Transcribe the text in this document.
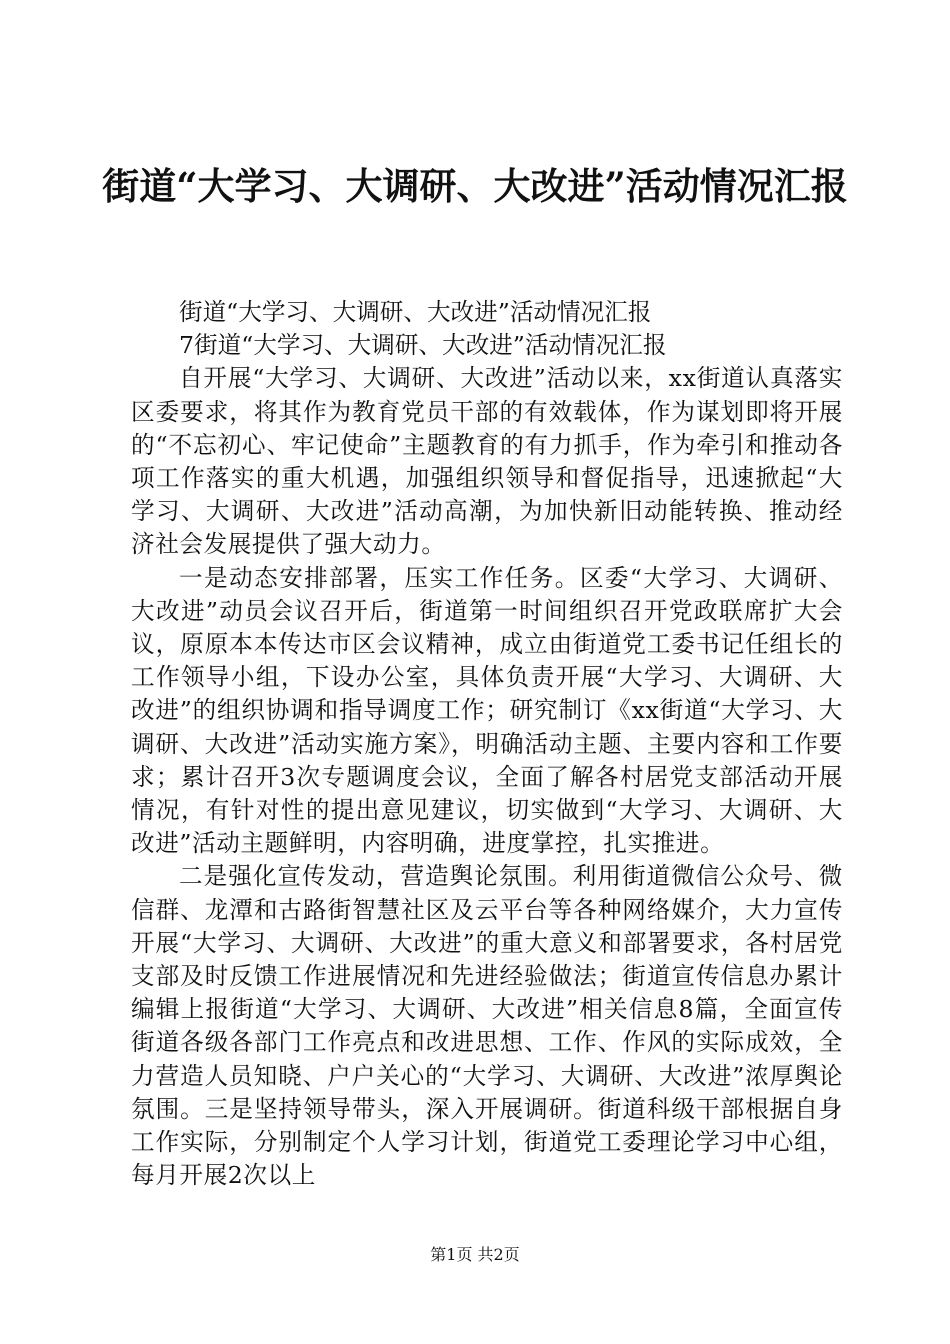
街道“大学习、大调研、大改进”活动情况汇报

街道“大学习、大调研、大改进”活动情况汇报

7街道“大学习、大调研、大改进”活动情况汇报

自开展“大学习、大调研、大改进”活动以来，xx街道认真落实区委要求，将其作为教育党员干部的有效载体，作为谋划即将开展的“不忘初心、牢记使命”主题教育的有力抓手，作为牵引和推动各项工作落实的重大机遇，加强组织领导和督促指导，迅速掀起“大学习、大调研、大改进”活动高潮，为加快新旧动能转换、推动经济社会发展提供了强大动力。

一是动态安排部署，压实工作任务。区委“大学习、大调研、大改进”动员会议召开后，街道第一时间组织召开党政联席扩大会议，原原本本传达市区会议精神，成立由街道党工委书记任组长的工作领导小组，下设办公室，具体负责开展“大学习、大调研、大改进”的组织协调和指导调度工作；研究制订《xx街道“大学习、大调研、大改进”活动实施方案》，明确活动主题、主要内容和工作要求；累计召开3次专题调度会议，全面了解各村居党支部活动开展情况，有针对性的提出意见建议，切实做到“大学习、大调研、大改进”活动主题鲜明，内容明确，进度掌控，扎实推进。

二是强化宣传发动，营造舆论氛围。利用街道微信公众号、微信群、龙潭和古路街智慧社区及云平台等各种网络媒介，大力宣传开展“大学习、大调研、大改进”的重大意义和部署要求，各村居党支部及时反馈工作进展情况和先进经验做法；街道宣传信息办累计编辑上报街道“大学习、大调研、大改进”相关信息8篇，全面宣传街道各级各部门工作亮点和改进思想、工作、作风的实际成效，全力营造人员知晓、户户关心的“大学习、大调研、大改进”浓厚舆论氛围。三是坚持领导带头，深入开展调研。街道科级干部根据自身工作实际，分别制定个人学习计划，街道党工委理论学习中心组，每月开展2次以上

第1页 共2页
